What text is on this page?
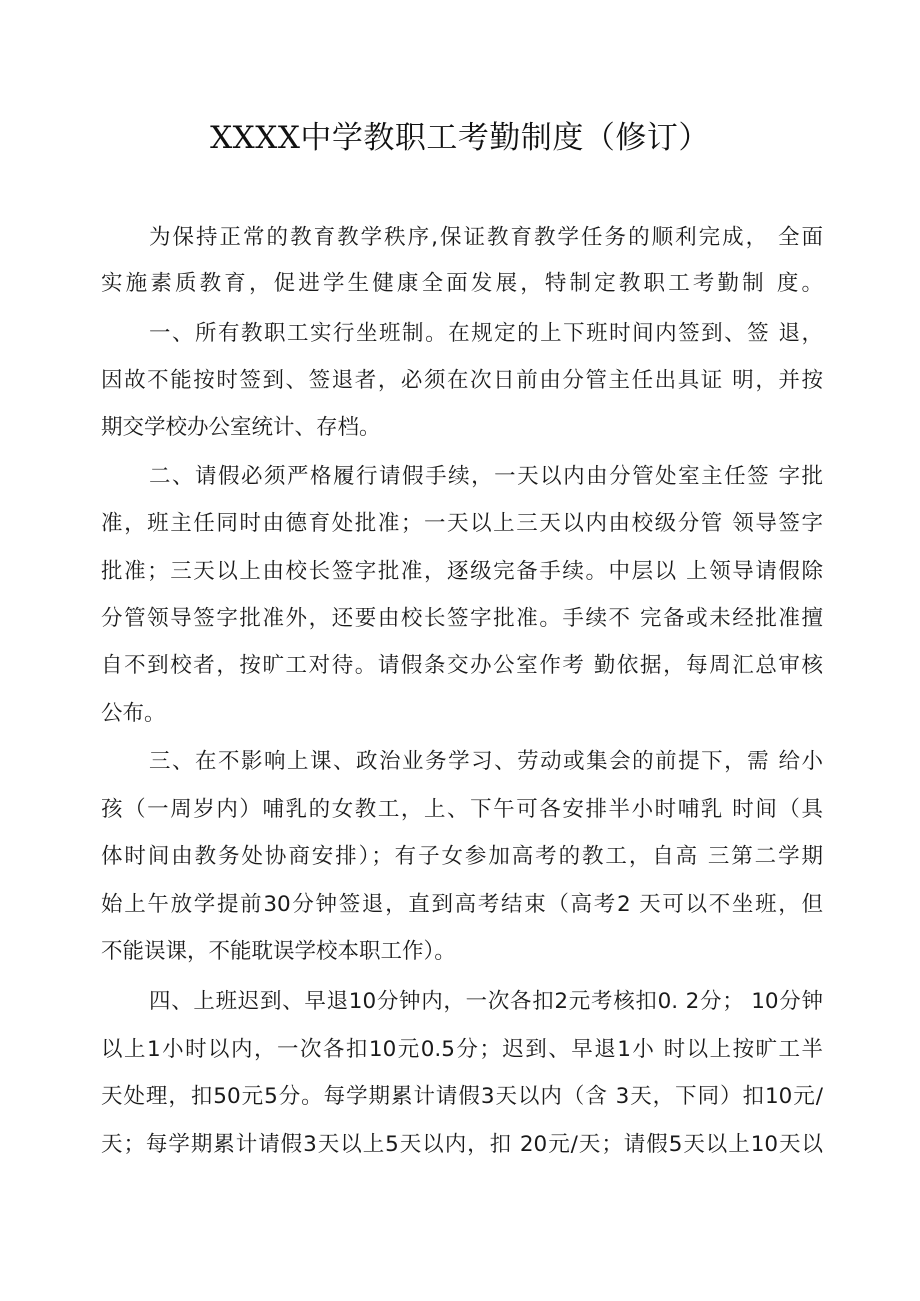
XXXX中学教职工考勤制度（修订）
为保持正常的教育教学秩序,保证教育教学任务的顺利完成， 全面
实施素质教育，促进学生健康全面发展，特制定教职工考勤制 度。
一、所有教职工实行坐班制。在规定的上下班时间内签到、签 退，
因故不能按时签到、签退者，必须在次日前由分管主任出具证 明，并按
期交学校办公室统计、存档。
二、请假必须严格履行请假手续，一天以内由分管处室主任签 字批
准，班主任同时由德育处批准；一天以上三天以内由校级分管 领导签字
批准；三天以上由校长签字批准，逐级完备手续。中层以 上领导请假除
分管领导签字批准外，还要由校长签字批准。手续不 完备或未经批准擅
自不到校者，按旷工对待。请假条交办公室作考 勤依据，每周汇总审核
公布。
三、在不影响上课、政治业务学习、劳动或集会的前提下，需 给小
孩（一周岁内）哺乳的女教工，上、下午可各安排半小时哺乳 时间（具
体时间由教务处协商安排）；有子女参加高考的教工，自高 三第二学期
始上午放学提前30分钟签退，直到高考结束（高考2 天可以不坐班，但
不能误课，不能耽误学校本职工作）。
四、上班迟到、早退10分钟内，一次各扣2元考核扣0. 2分； 10分钟
以上1小时以内，一次各扣10元0.5分；迟到、早退1小 时以上按旷工半
天处理，扣50元5分。每学期累计请假3天以内（含 3天，下同）扣10元/
天；每学期累计请假3天以上5天以内，扣 20元/天；请假5天以上10天以
